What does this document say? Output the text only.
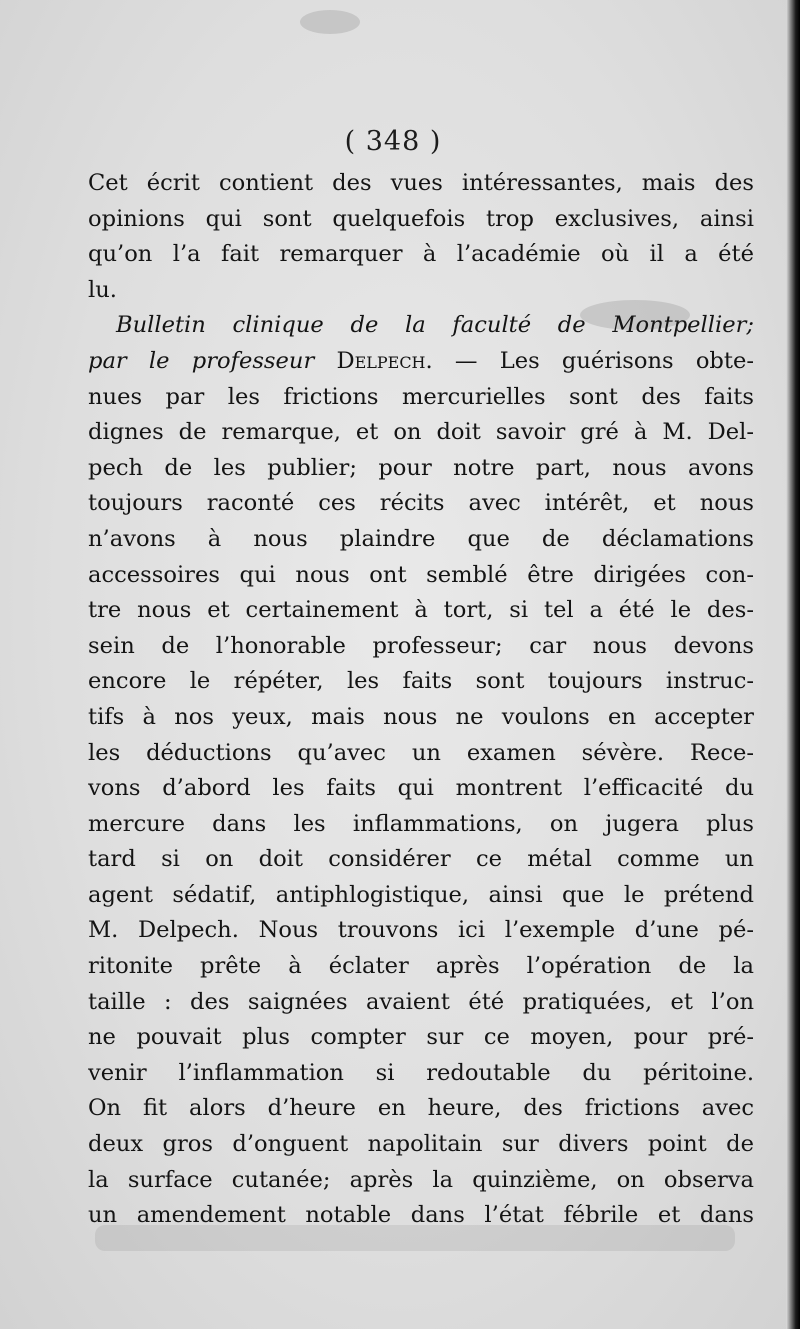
( 348 )
Cet écrit contient des vues intéressantes, mais des
opinions qui sont quelquefois trop exclusives, ainsi
qu’on l’a fait remarquer à l’académie où il a été
lu.
Bulletin clinique de la faculté de Montpellier;
par le professeur Delpech. — Les guérisons obte-
nues par les frictions mercurielles sont des faits
dignes de remarque, et on doit savoir gré à M. Del-
pech de les publier; pour notre part, nous avons
toujours raconté ces récits avec intérêt, et nous
n’avons à nous plaindre que de déclamations
accessoires qui nous ont semblé être dirigées con-
tre nous et certainement à tort, si tel a été le des-
sein de l’honorable professeur; car nous devons
encore le répéter, les faits sont toujours instruc-
tifs à nos yeux, mais nous ne voulons en accepter
les déductions qu’avec un examen sévère. Rece-
vons d’abord les faits qui montrent l’efficacité du
mercure dans les inflammations, on jugera plus
tard si on doit considérer ce métal comme un
agent sédatif, antiphlogistique, ainsi que le prétend
M. Delpech. Nous trouvons ici l’exemple d’une pé-
ritonite prête à éclater après l’opération de la
taille : des saignées avaient été pratiquées, et l’on
ne pouvait plus compter sur ce moyen, pour pré-
venir l’inflammation si redoutable du péritoine.
On fit alors d’heure en heure, des frictions avec
deux gros d’onguent napolitain sur divers point de
la surface cutanée; après la quinzième, on observa
un amendement notable dans l’état fébrile et dans
